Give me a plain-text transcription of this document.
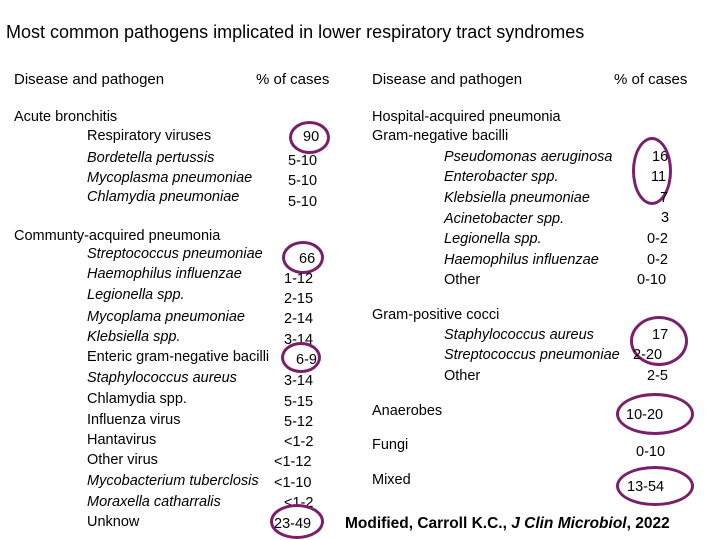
Most common pathogens implicated in lower respiratory tract syndromes
Disease and pathogen	% of cases	Disease and pathogen	% of cases
Acute bronchitis
Respiratory viruses	90
Bordetella pertussis	5-10
Mycoplasma pneumoniae 5-10
Chlamydia pneumoniae	5-10
Communty-acquired pneumonia
Streptococcus pneumoniae	66
Haemophilus influenzae	1-12
Legionella spp.	2-15
Mycoplama pneumoniae	2-14
Klebsiella spp.	3-14
Enteric gram-negative bacilli 6-9
Staphylococcus aureus	3-14
Chlamydia spp.	5-15
Influenza virus	5-12
Hantavirus	<1-2
Other virus	<1-12
Mycobacterium tuberclosis <1-10
Moraxella catharralis	<1-2
Unknow	23-49
Hospital-acquired pneumonia
Gram-negative bacilli
Pseudomonas aeruginosa	16
Enterobacter spp.	11
Klebsiella pneumoniae	7
Acinetobacter spp.	3
Legionella spp.	0-2
Haemophilus influenzae	0-2
Other	0-10
Gram-positive cocci
Staphylococcus aureus	17
Streptococcus pneumoniae 2-20
Other	2-5
Anaerobes	10-20
Fungi	0-10
Mixed	13-54
Modified, Carroll K.C., J Clin Microbiol, 2022
